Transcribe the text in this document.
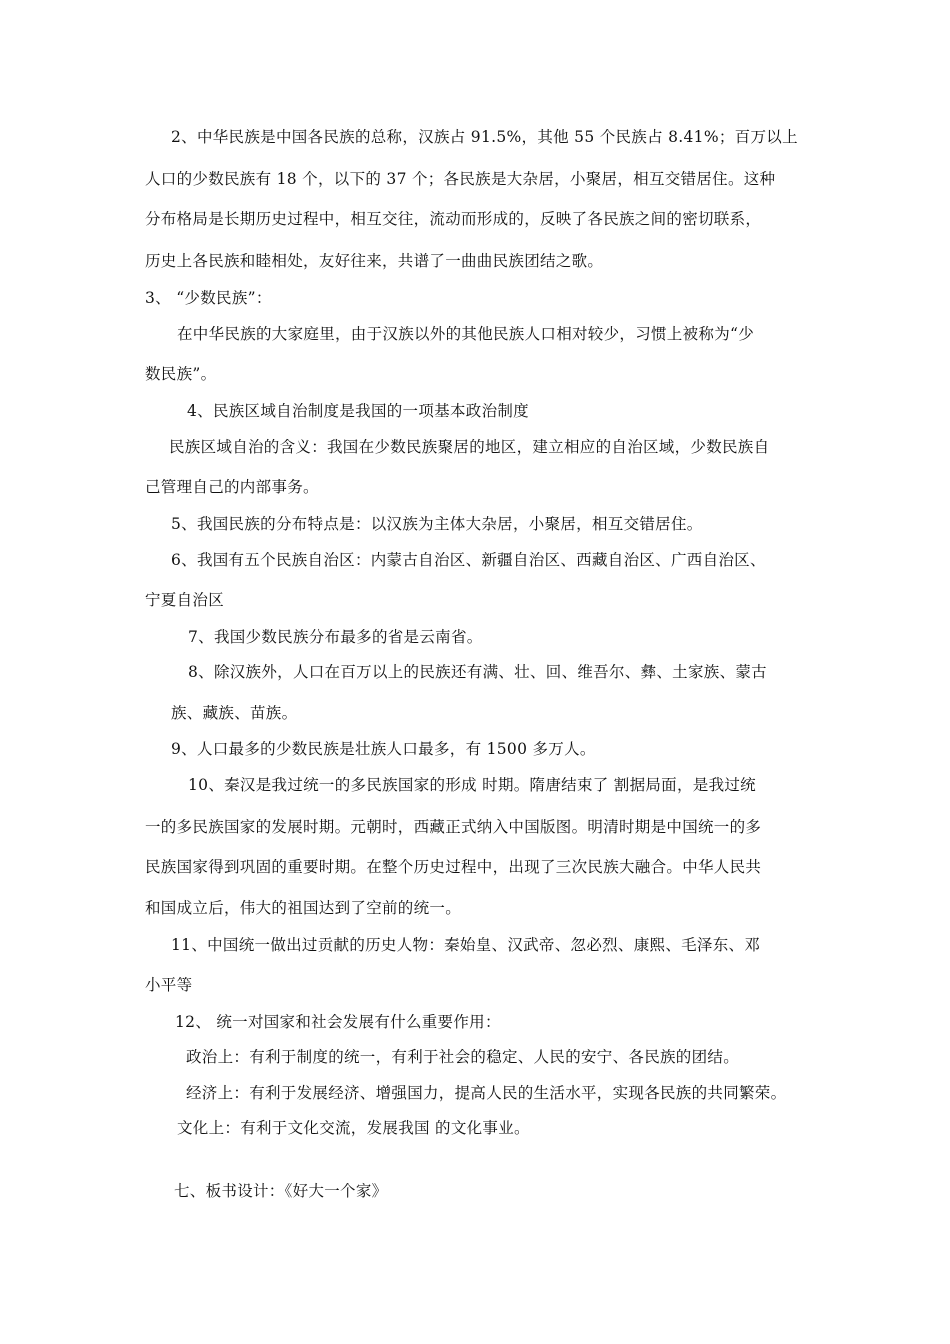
2、中华民族是中国各民族的总称，汉族占 91.5%，其他 55 个民族占 8.41%；百万以上
人口的少数民族有 18 个，以下的 37 个；各民族是大杂居，小聚居，相互交错居住。这种
分布格局是长期历史过程中，相互交往，流动而形成的，反映了各民族之间的密切联系，
历史上各民族和睦相处，友好往来，共谱了一曲曲民族团结之歌。
3、 “少数民族”：
在中华民族的大家庭里，由于汉族以外的其他民族人口相对较少，习惯上被称为“少
数民族”。
4、民族区域自治制度是我国的一项基本政治制度
民族区域自治的含义：我国在少数民族聚居的地区，建立相应的自治区域，少数民族自
己管理自己的内部事务。
5、我国民族的分布特点是：以汉族为主体大杂居，小聚居，相互交错居住。
6、我国有五个民族自治区：内蒙古自治区、新疆自治区、西藏自治区、广西自治区、
宁夏自治区
7、我国少数民族分布最多的省是云南省。
8、除汉族外，人口在百万以上的民族还有满、壮、回、维吾尔、彝、土家族、蒙古
族、藏族、苗族。
9、人口最多的少数民族是壮族人口最多，有 1500 多万人。
10、秦汉是我过统一的多民族国家的形成 时期。隋唐结束了 割据局面，是我过统
一的多民族国家的发展时期。元朝时，西藏正式纳入中国版图。明清时期是中国统一的多
民族国家得到巩固的重要时期。在整个历史过程中，出现了三次民族大融合。中华人民共
和国成立后，伟大的祖国达到了空前的统一。
11、中国统一做出过贡献的历史人物：秦始皇、汉武帝、忽必烈、康熙、毛泽东、邓
小平等
12、 统一对国家和社会发展有什么重要作用：
政治上：有利于制度的统一，有利于社会的稳定、人民的安宁、各民族的团结。
经济上：有利于发展经济、增强国力，提高人民的生活水平，实现各民族的共同繁荣。
文化上：有利于文化交流，发展我国 的文化事业。
七、板书设计：《好大一个家》
